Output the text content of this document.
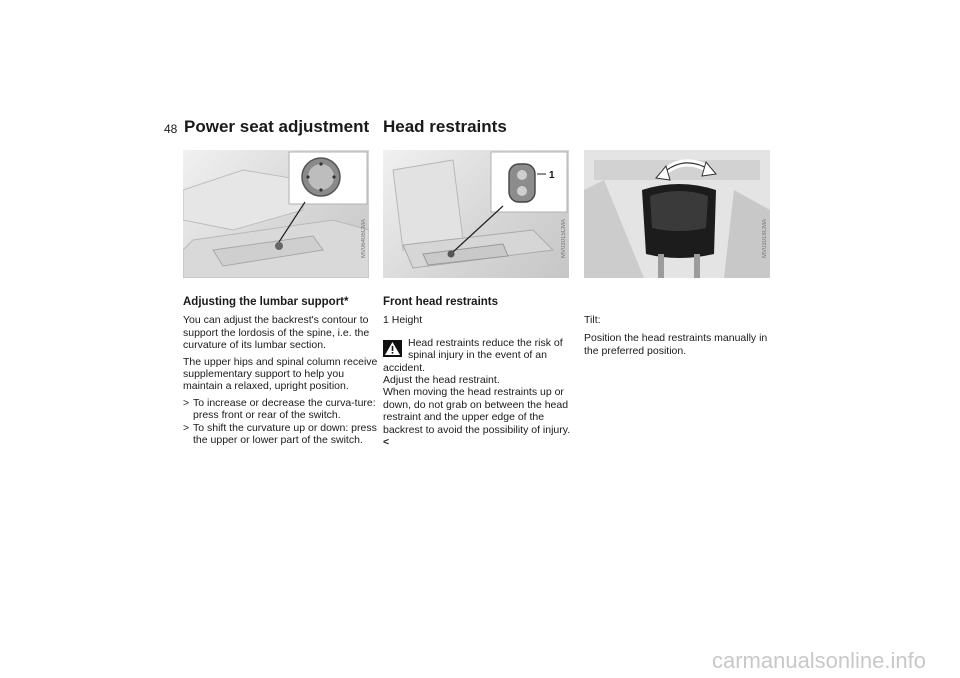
48 Power seat adjustment Head restraints
MV06406CMA
1
MV03015CMA	MV03018CMA
Adjusting the lumbar support*

You can adjust the backrest's contour to support the lordosis of the spine, i.e. the curvature of its lumbar section.

The upper hips and spinal column receive supplementary support to help you maintain a relaxed, upright position.

> To increase or decrease the curva-ture: press front or rear of the switch.
> To shift the curvature up or down: press the upper or lower part of the switch.
Front head restraints

1 Height

Head restraints reduce the risk of spinal injury in the event of an accident.

Adjust the head restraint.

When moving the head restraints up or down, do not grab on between the head restraint and the upper edge of the backrest to avoid the possibility of injury.<

Tilt:

Position the head restraints manually in the preferred position.

carmanualsonline.info
